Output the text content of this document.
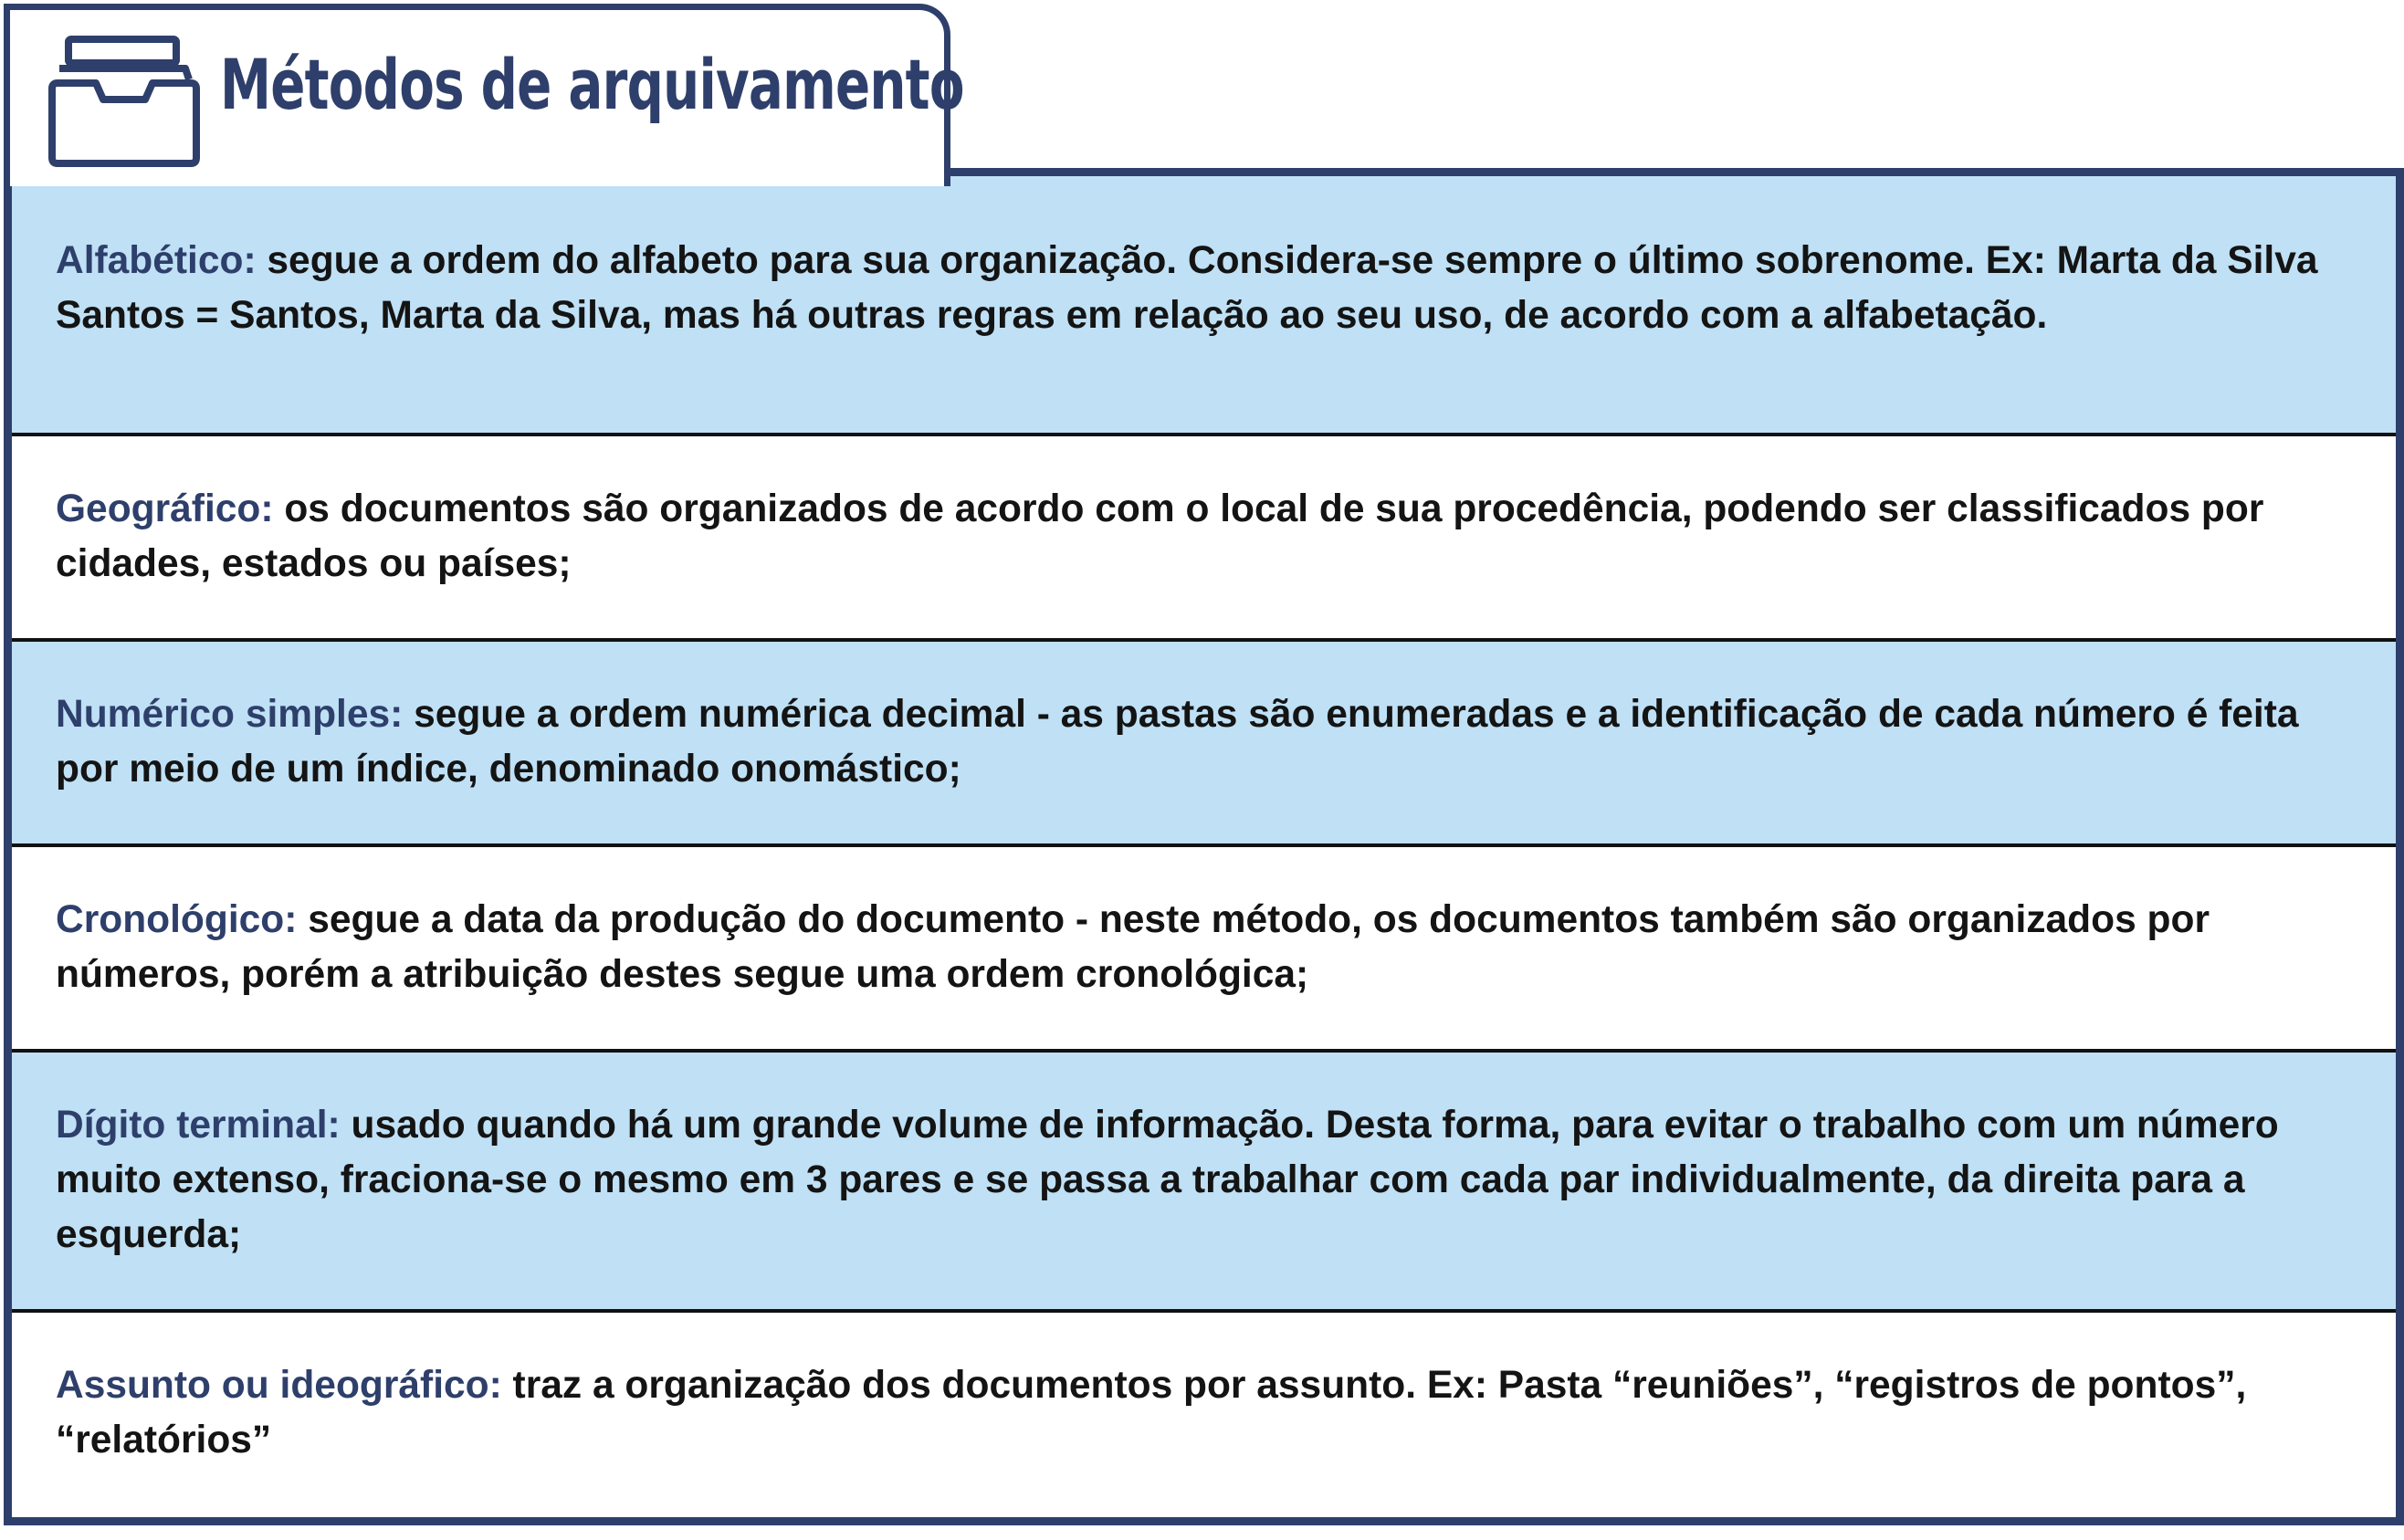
Métodos de arquivamento

Alfabético: segue a ordem do alfabeto para sua organização. Considera-se sempre o último sobrenome. Ex: Marta da Silva Santos = Santos, Marta da Silva, mas há outras regras em relação ao seu uso, de acordo com a alfabetação.

Geográfico: os documentos são organizados de acordo com o local de sua procedência, podendo ser classificados por cidades, estados ou países;

Numérico simples: segue a ordem numérica decimal - as pastas são enumeradas e a identificação de cada número é feita por meio de um índice, denominado onomástico;

Cronológico: segue a data da produção do documento - neste método, os documentos também são organizados por números, porém a atribuição destes segue uma ordem cronológica;

Dígito terminal: usado quando há um grande volume de informação. Desta forma, para evitar o trabalho com um número muito extenso, fraciona-se o mesmo em 3 pares e se passa a trabalhar com cada par individualmente, da direita para a esquerda;

Assunto ou ideográfico: traz a organização dos documentos por assunto. Ex: Pasta “reuniões”, “registros de pontos”, “relatórios”
